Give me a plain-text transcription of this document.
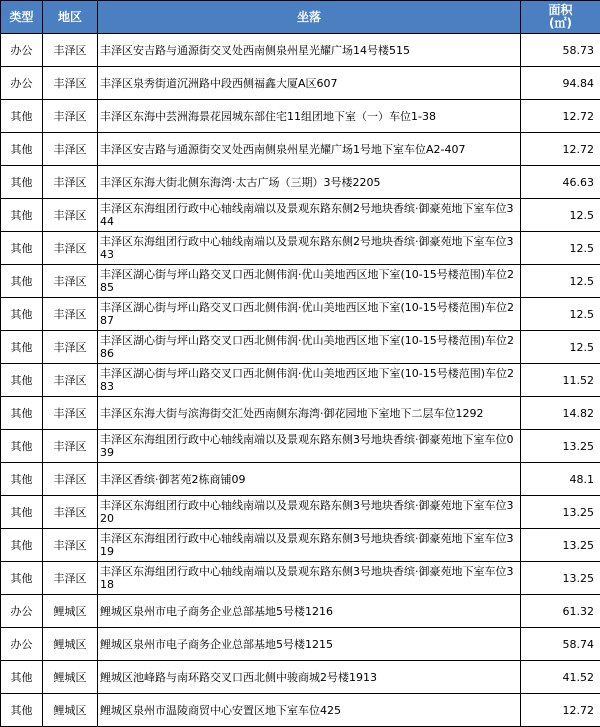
类型	地区	坐落	面积
(㎡)

办公	丰泽区	丰泽区安吉路与通源街交叉处西南侧泉州星光耀广场14号楼515	58.73
办公	丰泽区	丰泽区泉秀街道沉洲路中段西侧福鑫大厦A区607	94.84
其他	丰泽区	丰泽区东海中芸洲海景花园城东部住宅11组团地下室（一）车位1-38	12.72
其他	丰泽区	丰泽区安吉路与通源街交叉处西南侧泉州星光耀广场1号地下室车位A2-407	12.72
其他	丰泽区	丰泽区东海大街北侧东海湾·太古广场（三期）3号楼2205	46.63
其他	丰泽区	丰泽区东海组团行政中心轴线南端以及景观东路东侧2号地块香缤·御豪苑地下室车位344	12.5
其他	丰泽区	丰泽区东海组团行政中心轴线南端以及景观东路东侧2号地块香缤·御豪苑地下室车位343	12.5
其他	丰泽区	丰泽区湖心街与坪山路交叉口西北侧伟润·优山美地西区地下室(10-15号楼范围)车位285	12.5
其他	丰泽区	丰泽区湖心街与坪山路交叉口西北侧伟润·优山美地西区地下室(10-15号楼范围)车位287	12.5
其他	丰泽区	丰泽区湖心街与坪山路交叉口西北侧伟润·优山美地西区地下室(10-15号楼范围)车位286	12.5
其他	丰泽区	丰泽区湖心街与坪山路交叉口西北侧伟润·优山美地西区地下室(10-15号楼范围)车位283	11.52
其他	丰泽区	丰泽区东海大街与滨海街交汇处西南侧东海湾·御花园地下室地下二层车位1292	14.82
其他	丰泽区	丰泽区东海组团行政中心轴线南端以及景观东路东侧3号地块香缤·御豪苑地下室车位039	13.25
其他	丰泽区	丰泽区香缤·御茗苑2栋商铺09	48.1
其他	丰泽区	丰泽区东海组团行政中心轴线南端以及景观东路东侧3号地块香缤·御豪苑地下室车位320	13.25
其他	丰泽区	丰泽区东海组团行政中心轴线南端以及景观东路东侧3号地块香缤·御豪苑地下室车位319	13.25
其他	丰泽区	丰泽区东海组团行政中心轴线南端以及景观东路东侧3号地块香缤·御豪苑地下室车位318	13.25
办公	鲤城区	鲤城区泉州市电子商务企业总部基地5号楼1216	61.32
办公	鲤城区	鲤城区泉州市电子商务企业总部基地5号楼1215	58.74
其他	鲤城区	鲤城区池峰路与南环路交叉口西北侧中骏商城2号楼1913	41.52
其他	鲤城区	鲤城区泉州市温陵商贸中心安置区地下室车位425	12.72
